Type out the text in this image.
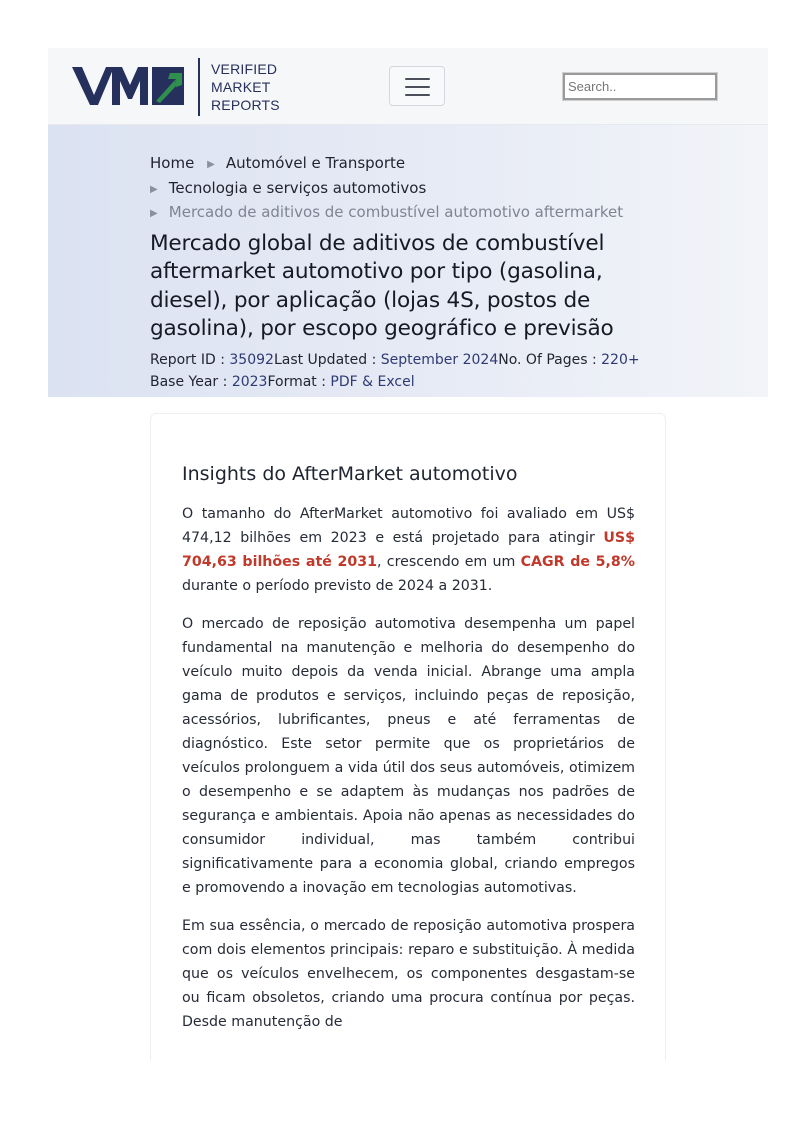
VERIFIED
MARKET
REPORTS
Search..
Home ▶ Automóvel e Transporte
▶ Tecnologia e serviços automotivos
▶ Mercado de aditivos de combustível automotivo aftermarket
Mercado global de aditivos de combustível aftermarket automotivo por tipo (gasolina, diesel), por aplicação (lojas 4S, postos de gasolina), por escopo geográfico e previsão
Report ID : 35092Last Updated : September 2024No. Of Pages : 220+
Base Year : 2023Format : PDF & Excel
Insights do AfterMarket automotivo

O tamanho do AfterMarket automotivo foi avaliado em US$ 474,12 bilhões em 2023 e está projetado para atingir US$ 704,63 bilhões até 2031, crescendo em um CAGR de 5,8% durante o período previsto de 2024 a 2031.

O mercado de reposição automotiva desempenha um papel fundamental na manutenção e melhoria do desempenho do veículo muito depois da venda inicial. Abrange uma ampla gama de produtos e serviços, incluindo peças de reposição, acessórios, lubrificantes, pneus e até ferramentas de diagnóstico. Este setor permite que os proprietários de veículos prolonguem a vida útil dos seus automóveis, otimizem o desempenho e se adaptem às mudanças nos padrões de segurança e ambientais. Apoia não apenas as necessidades do consumidor individual, mas também contribui significativamente para a economia global, criando empregos e promovendo a inovação em tecnologias automotivas.

Em sua essência, o mercado de reposição automotiva prospera com dois elementos principais: reparo e substituição. À medida que os veículos envelhecem, os componentes desgastam-se ou ficam obsoletos, criando uma procura contínua por peças. Desde manutenção de
